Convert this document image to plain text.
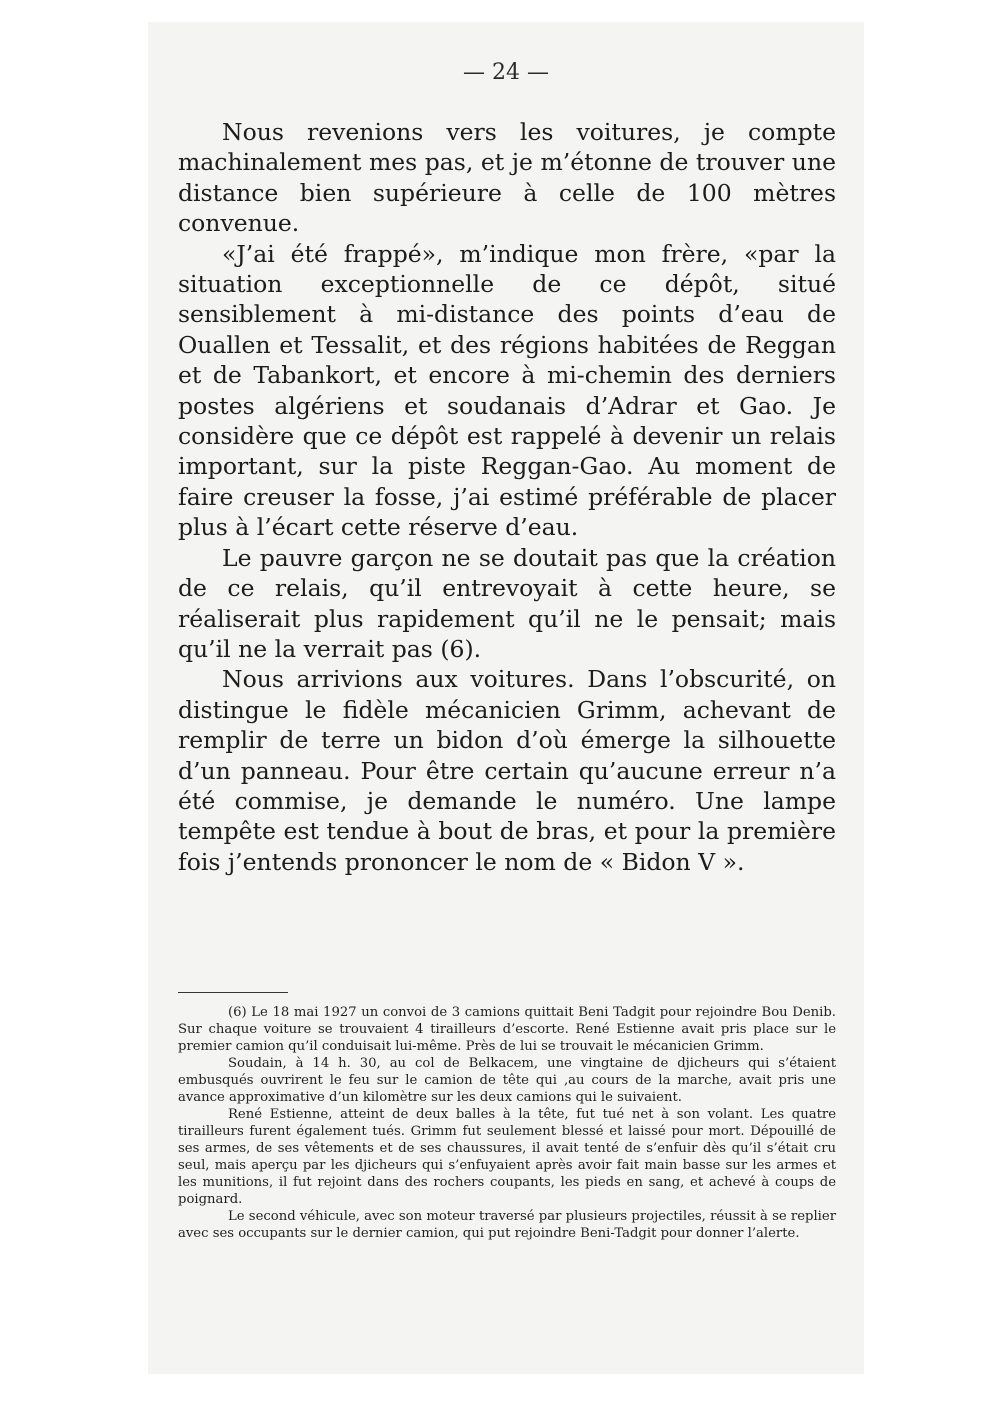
— 24 —

Nous revenions vers les voitures, je compte machinalement mes pas, et je m’étonne de trouver une distance bien supérieure à celle de 100 mètres convenue.

«J’ai été frappé», m’indique mon frère, «par la situation exceptionnelle de ce dépôt, situé sensiblement à mi-distance des points d’eau de Ouallen et Tessalit, et des régions habitées de Reggan et de Tabankort, et encore à mi-chemin des derniers postes algériens et soudanais d’Adrar et Gao. Je considère que ce dépôt est rappelé à devenir un relais important, sur la piste Reggan-Gao. Au moment de faire creuser la fosse, j’ai estimé préférable de placer plus à l’écart cette réserve d’eau.

Le pauvre garçon ne se doutait pas que la création de ce relais, qu’il entrevoyait à cette heure, se réaliserait plus rapidement qu’il ne le pensait; mais qu’il ne la verrait pas (6).

Nous arrivions aux voitures. Dans l’obscurité, on distingue le fidèle mécanicien Grimm, achevant de remplir de terre un bidon d’où émerge la silhouette d’un panneau. Pour être certain qu’aucune erreur n’a été commise, je demande le numéro. Une lampe tempête est tendue à bout de bras, et pour la première fois j’entends prononcer le nom de « Bidon V ».

(6) Le 18 mai 1927 un convoi de 3 camions quittait Beni Tadgit pour rejoindre Bou Denib. Sur chaque voiture se trouvaient 4 tirailleurs d’escorte. René Estienne avait pris place sur le premier camion qu’il conduisait lui-même. Près de lui se trouvait le mécanicien Grimm.

Soudain, à 14 h. 30, au col de Belkacem, une vingtaine de djicheurs qui s’étaient embusqués ouvrirent le feu sur le camion de tête qui ,au cours de la marche, avait pris une avance approximative d’un kilomètre sur les deux camions qui le suivaient.

René Estienne, atteint de deux balles à la tête, fut tué net à son volant. Les quatre tirailleurs furent également tués. Grimm fut seulement blessé et laissé pour mort. Dépouillé de ses armes, de ses vêtements et de ses chaussures, il avait tenté de s’enfuir dès qu’il s’était cru seul, mais aperçu par les djicheurs qui s’enfuyaient après avoir fait main basse sur les armes et les munitions, il fut rejoint dans des rochers coupants, les pieds en sang, et achevé à coups de poignard.

Le second véhicule, avec son moteur traversé par plusieurs projectiles, réussit à se replier avec ses occupants sur le dernier camion, qui put rejoindre Beni-Tadgit pour donner l’alerte.
